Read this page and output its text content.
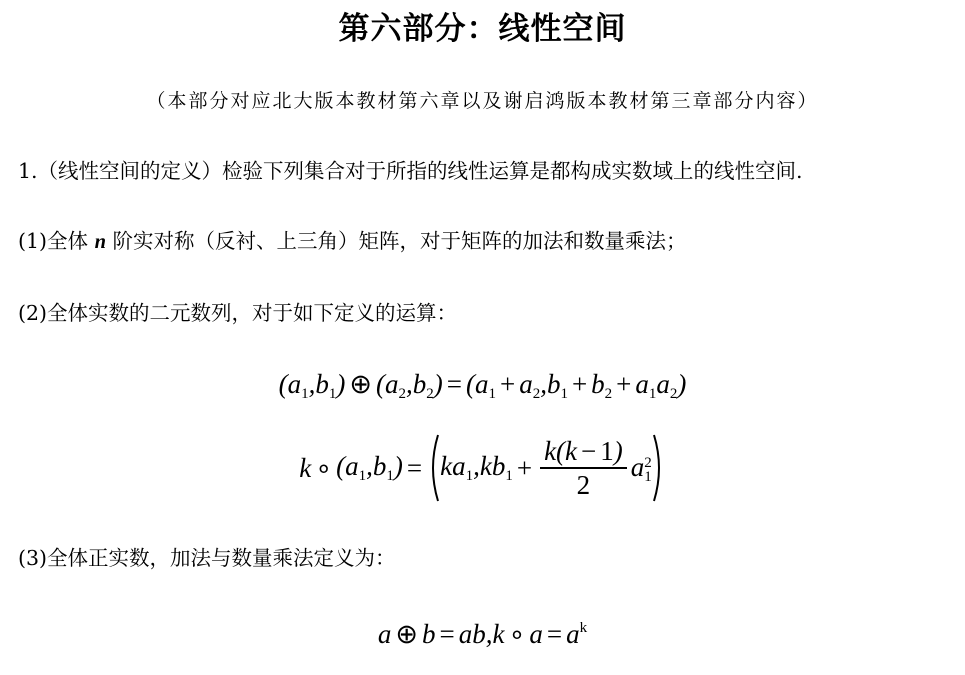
第六部分：线性空间
（本部分对应北大版本教材第六章以及谢启鸿版本教材第三章部分内容）
1.（线性空间的定义）检验下列集合对于所指的线性运算是都构成实数域上的线性空间.
(1)全体 n 阶实对称（反衬、上三角）矩阵，对于矩阵的加法和数量乘法；
(2)全体实数的二元数列，对于如下定义的运算：
$(a_1,b_1)$ ⊕ $(a_2,b_2) = (a_1 + a_2,b_1 + b_2 + a_1a_2)$
k ∘ $(a_1,b_1) = ka_1,kb_1 + \frac{k(k - 1)}{2}$ a 2
1
(3)全体正实数，加法与数量乘法定义为：
a ⊕ b = ab,k ∘ $a = a^k$
